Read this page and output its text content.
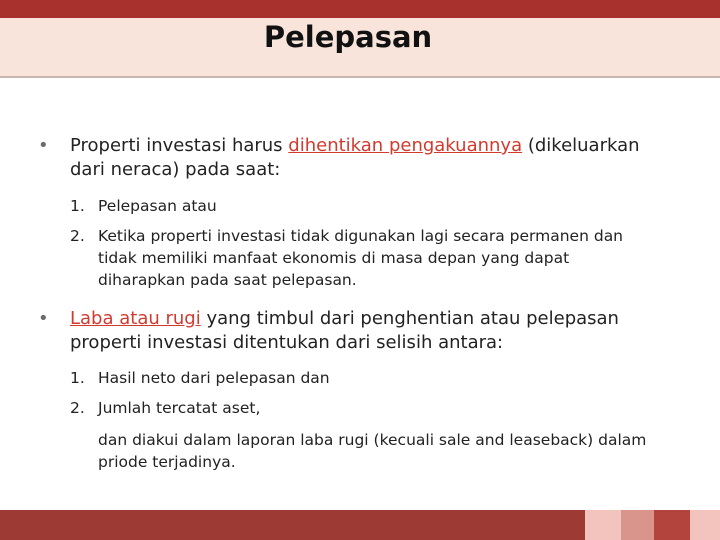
Pelepasan
• Properti investasi harus dihentikan pengakuannya (dikeluarkan dari neraca) pada saat:
1. Pelepasan atau
2. Ketika properti investasi tidak digunakan lagi secara permanen dan tidak memiliki manfaat ekonomis di masa depan yang dapat diharapkan pada saat pelepasan.
• Laba atau rugi yang timbul dari penghentian atau pelepasan properti investasi ditentukan dari selisih antara:
1. Hasil neto dari pelepasan dan
2. Jumlah tercatat aset,
dan diakui dalam laporan laba rugi (kecuali sale and leaseback) dalam priode terjadinya.
